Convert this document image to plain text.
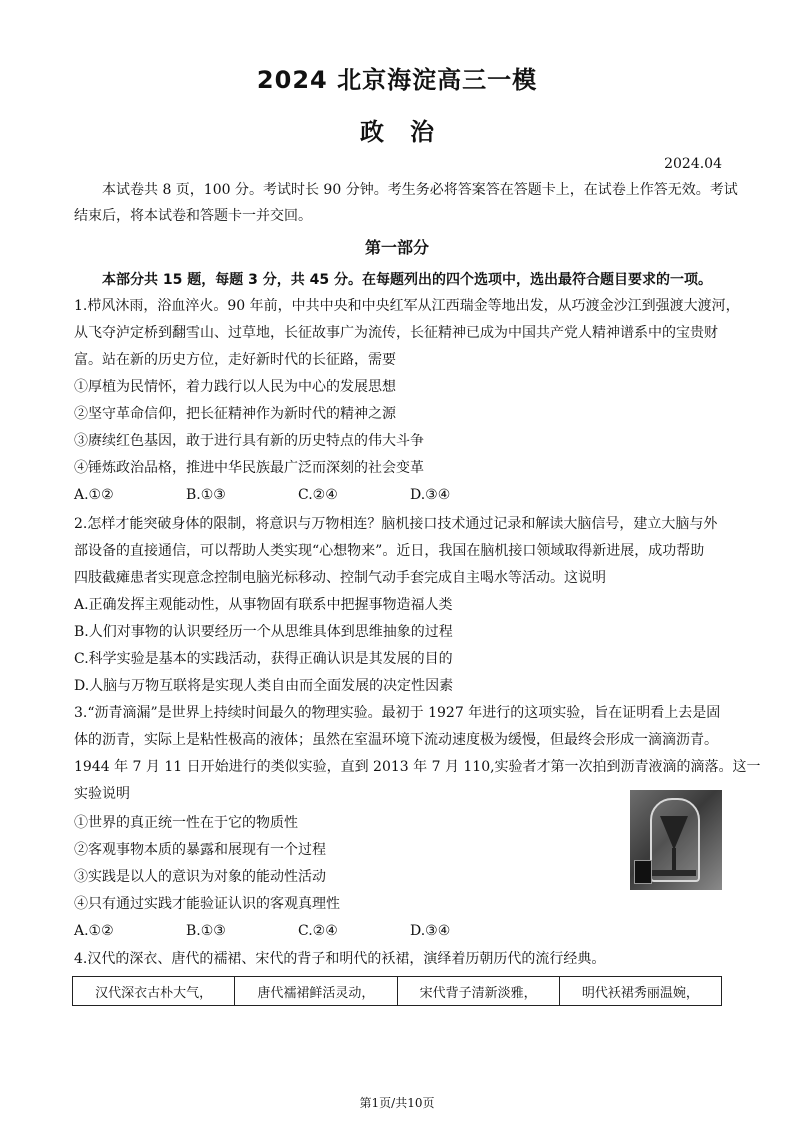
2024 北京海淀高三一模
政治
2024.04
本试卷共 8 页，100 分。考试时长 90 分钟。考生务必将答案答在答题卡上，在试卷上作答无效。考试
结束后，将本试卷和答题卡一并交回。
第一部分
本部分共 15 题，每题 3 分，共 45 分。在每题列出的四个选项中，选出最符合题目要求的一项。
1.栉风沐雨，浴血淬火。90 年前，中共中央和中央红军从江西瑞金等地出发，从巧渡金沙江到强渡大渡河，
从飞夺泸定桥到翻雪山、过草地，长征故事广为流传，长征精神已成为中国共产党人精神谱系中的宝贵财
富。站在新的历史方位，走好新时代的长征路，需要
①厚植为民情怀，着力践行以人民为中心的发展思想
②坚守革命信仰，把长征精神作为新时代的精神之源
③赓续红色基因，敢于进行具有新的历史特点的伟大斗争
④锤炼政治品格，推进中华民族最广泛而深刻的社会变革
A.①②	B.①③	C.②④	D.③④
2.怎样才能突破身体的限制，将意识与万物相连？脑机接口技术通过记录和解读大脑信号，建立大脑与外
部设备的直接通信，可以帮助人类实现“心想物来”。近日，我国在脑机接口领域取得新进展，成功帮助
四肢截瘫患者实现意念控制电脑光标移动、控制气动手套完成自主喝水等活动。这说明
A.正确发挥主观能动性，从事物固有联系中把握事物造福人类
B.人们对事物的认识要经历一个从思维具体到思维抽象的过程
C.科学实验是基本的实践活动，获得正确认识是其发展的目的
D.人脑与万物互联将是实现人类自由而全面发展的决定性因素
3.“沥青滴漏”是世界上持续时间最久的物理实验。最初于 1927 年进行的这项实验，旨在证明看上去是固
体的沥青，实际上是粘性极高的液体；虽然在室温环境下流动速度极为缓慢，但最终会形成一滴滴沥青。
1944 年 7 月 11 日开始进行的类似实验，直到 2013 年 7 月 110,实验者才第一次拍到沥青液滴的滴落。这一
实验说明
①世界的真正统一性在于它的物质性
②客观事物本质的暴露和展现有一个过程
③实践是以人的意识为对象的能动性活动
④只有通过实践才能验证认识的客观真理性
A.①②	B.①③	C.②④	D.③④
4.汉代的深衣、唐代的襦裙、宋代的背子和明代的袄裙，演绎着历朝历代的流行经典。
汉代深衣古朴大气，	唐代襦裙鲜活灵动，	宋代背子清新淡雅，	明代袄裙秀丽温婉，
第1页/共10页
